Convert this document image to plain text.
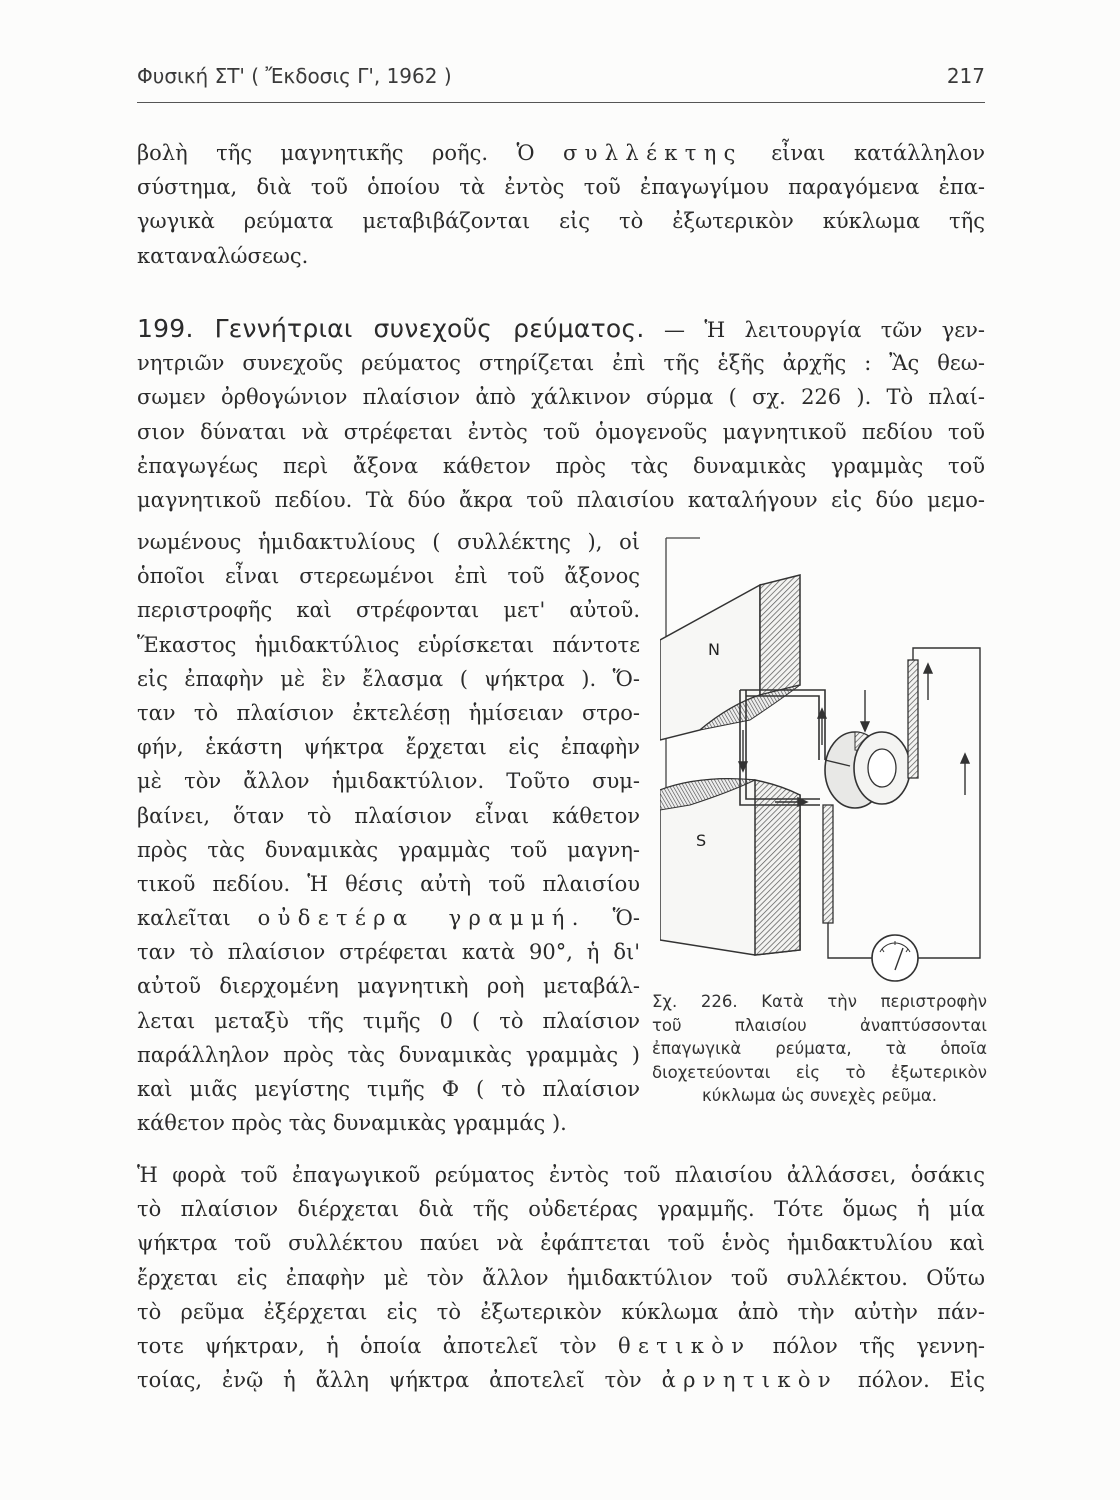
Φυσική ΣΤ' ( Ἔκδοσις Γ', 1962 )	217
βολὴ τῆς μαγνητικῆς ροῆς. Ὁ συλλέκτης εἶναι κατάλληλον
σύστημα, διὰ τοῦ ὁποίου τὰ ἐντὸς τοῦ ἐπαγωγίμου παραγόμενα ἐπα-
γωγικὰ ρεύματα μεταβιβάζονται εἰς τὸ ἐξωτερικὸν κύκλωμα τῆς
καταναλώσεως.
199. Γεννήτριαι συνεχοῦς ρεύματος. — Ἡ λειτουργία τῶν γεν-
νητριῶν συνεχοῦς ρεύματος στηρίζεται ἐπὶ τῆς ἑξῆς ἀρχῆς : Ἂς θεω-
σωμεν ὀρθογώνιον πλαίσιον ἀπὸ χάλκινον σύρμα ( σχ. 226 ). Τὸ πλαί-
σιον δύναται νὰ στρέφεται ἐντὸς τοῦ ὁμογενοῦς μαγνητικοῦ πεδίου τοῦ
ἐπαγωγέως περὶ ἄξονα κάθετον πρὸς τὰς δυναμικὰς γραμμὰς τοῦ
μαγνητικοῦ πεδίου. Τὰ δύο ἄκρα τοῦ πλαισίου καταλήγουν εἰς δύο μεμο-
νωμένους ἡμιδακτυλίους ( συλλέκτης ), οἱ
ὁποῖοι εἶναι στερεωμένοι ἐπὶ τοῦ ἄξονος
περιστροφῆς καὶ στρέφονται μετ' αὐτοῦ.
Ἕκαστος ἡμιδακτύλιος εὑρίσκεται πάντοτε
εἰς ἐπαφὴν μὲ ἓν ἔλασμα ( ψήκτρα ). Ὅ-
ταν τὸ πλαίσιον ἐκτελέσῃ ἡμίσειαν στρο-
φήν, ἑκάστη ψήκτρα ἔρχεται εἰς ἐπαφὴν
μὲ τὸν ἄλλον ἡμιδακτύλιον. Τοῦτο συμ-
βαίνει, ὅταν τὸ πλαίσιον εἶναι κάθετον
πρὸς τὰς δυναμικὰς γραμμὰς τοῦ μαγνη-
τικοῦ πεδίου. Ἡ θέσις αὐτὴ τοῦ πλαισίου
καλεῖται οὐδετέρα γραμμή. Ὅ-
ταν τὸ πλαίσιον στρέφεται κατὰ 90°, ἡ δι'
αὐτοῦ διερχομένη μαγνητικὴ ροὴ μεταβάλ-
λεται μεταξὺ τῆς τιμῆς 0 ( τὸ πλαίσιον
παράλληλον πρὸς τὰς δυναμικὰς γραμμὰς )
καὶ μιᾶς μεγίστης τιμῆς Φ ( τὸ πλαίσιον
κάθετον πρὸς τὰς δυναμικὰς γραμμάς ).
N
S
Σχ. 226. Κατὰ τὴν περιστροφὴν
τοῦ πλαισίου ἀναπτύσσονται
ἐπαγωγικὰ ρεύματα, τὰ ὁποῖα
διοχετεύονται εἰς τὸ ἐξωτερικὸν
κύκλωμα ὡς συνεχὲς ρεῦμα.
Ἡ φορὰ τοῦ ἐπαγωγικοῦ ρεύματος ἐντὸς τοῦ πλαισίου ἀλλάσσει, ὁσάκις
τὸ πλαίσιον διέρχεται διὰ τῆς οὐδετέρας γραμμῆς. Τότε ὅμως ἡ μία
ψήκτρα τοῦ συλλέκτου παύει νὰ ἐφάπτεται τοῦ ἑνὸς ἡμιδακτυλίου καὶ
ἔρχεται εἰς ἐπαφὴν μὲ τὸν ἄλλον ἡμιδακτύλιον τοῦ συλλέκτου. Οὕτω
τὸ ρεῦμα ἐξέρχεται εἰς τὸ ἐξωτερικὸν κύκλωμα ἀπὸ τὴν αὐτὴν πάν-
τοτε ψήκτραν, ἡ ὁποία ἀποτελεῖ τὸν θετικὸν πόλον τῆς γεννη-
τοίας, ἐνῷ ἡ ἄλλη ψήκτρα ἀποτελεῖ τὸν ἀρνητικὸν πόλον. Εἰς
